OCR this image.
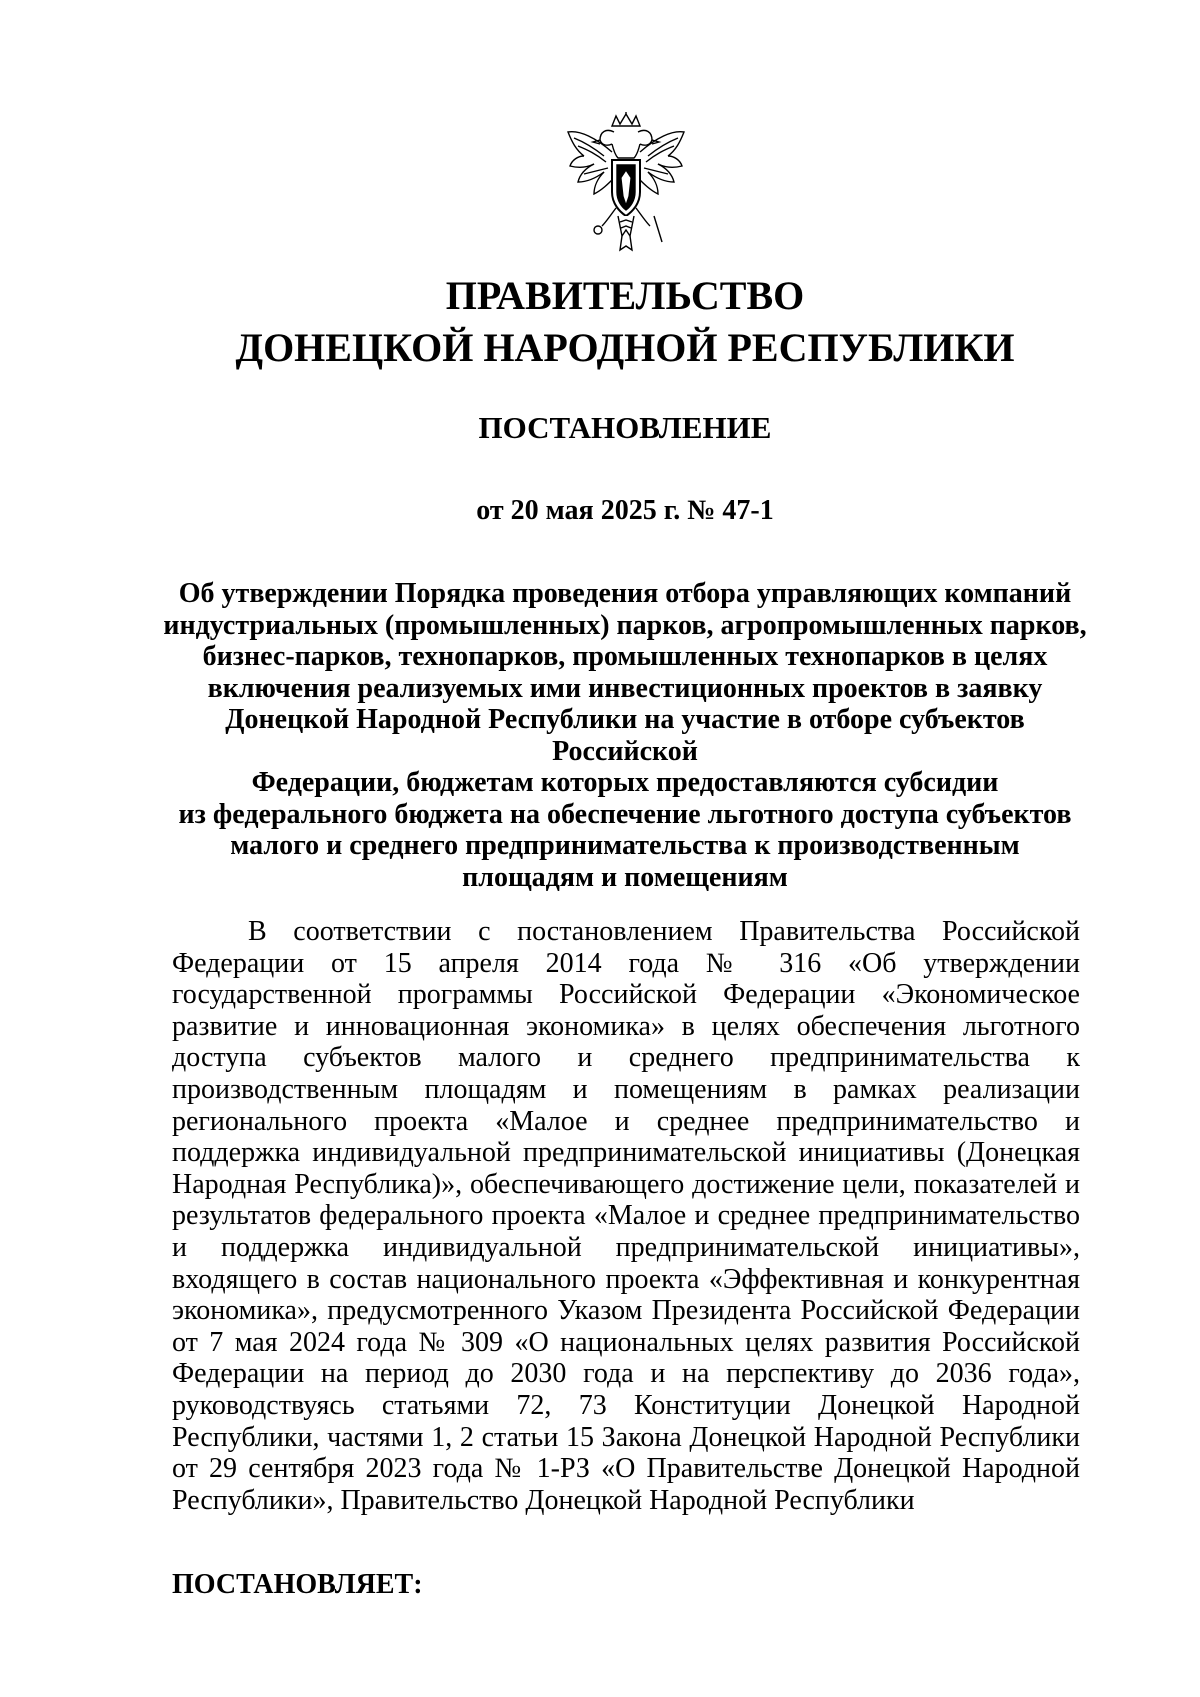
ПРАВИТЕЛЬСТВО
ДОНЕЦКОЙ НАРОДНОЙ РЕСПУБЛИКИ
ПОСТАНОВЛЕНИЕ
от 20 мая 2025 г. № 47-1
Об утверждении Порядка проведения отбора управляющих компаний
индустриальных (промышленных) парков, агропромышленных парков,
бизнес-парков, технопарков, промышленных технопарков в целях
включения реализуемых ими инвестиционных проектов в заявку
Донецкой Народной Республики на участие в отборе субъектов Российской
Федерации, бюджетам которых предоставляются субсидии
из федерального бюджета на обеспечение льготного доступа субъектов
малого и среднего предпринимательства к производственным
площадям и помещениям

В соответствии с постановлением Правительства Российской Федерации от 15 апреля 2014 года № 316 «Об утверждении государственной программы Российской Федерации «Экономическое развитие и инновационная экономика» в целях обеспечения льготного доступа субъектов малого и среднего предпринимательства к производственным площадям и помещениям в рамках реализации регионального проекта «Малое и среднее предпринимательство и поддержка индивидуальной предпринимательской инициативы (Донецкая Народная Республика)», обеспечивающего достижение цели, показателей и результатов федерального проекта «Малое и среднее предпринимательство и поддержка индивидуальной предпринимательской инициативы», входящего в состав национального проекта «Эффективная и конкурентная экономика», предусмотренного Указом Президента Российской Федерации от 7 мая 2024 года № 309 «О национальных целях развития Российской Федерации на период до 2030 года и на перспективу до 2036 года», руководствуясь статьями 72, 73 Конституции Донецкой Народной Республики, частями 1, 2 статьи 15 Закона Донецкой Народной Республики от 29 сентября 2023 года № 1-РЗ «О Правительстве Донецкой Народной Республики», Правительство Донецкой Народной Республики

ПОСТАНОВЛЯЕТ:
